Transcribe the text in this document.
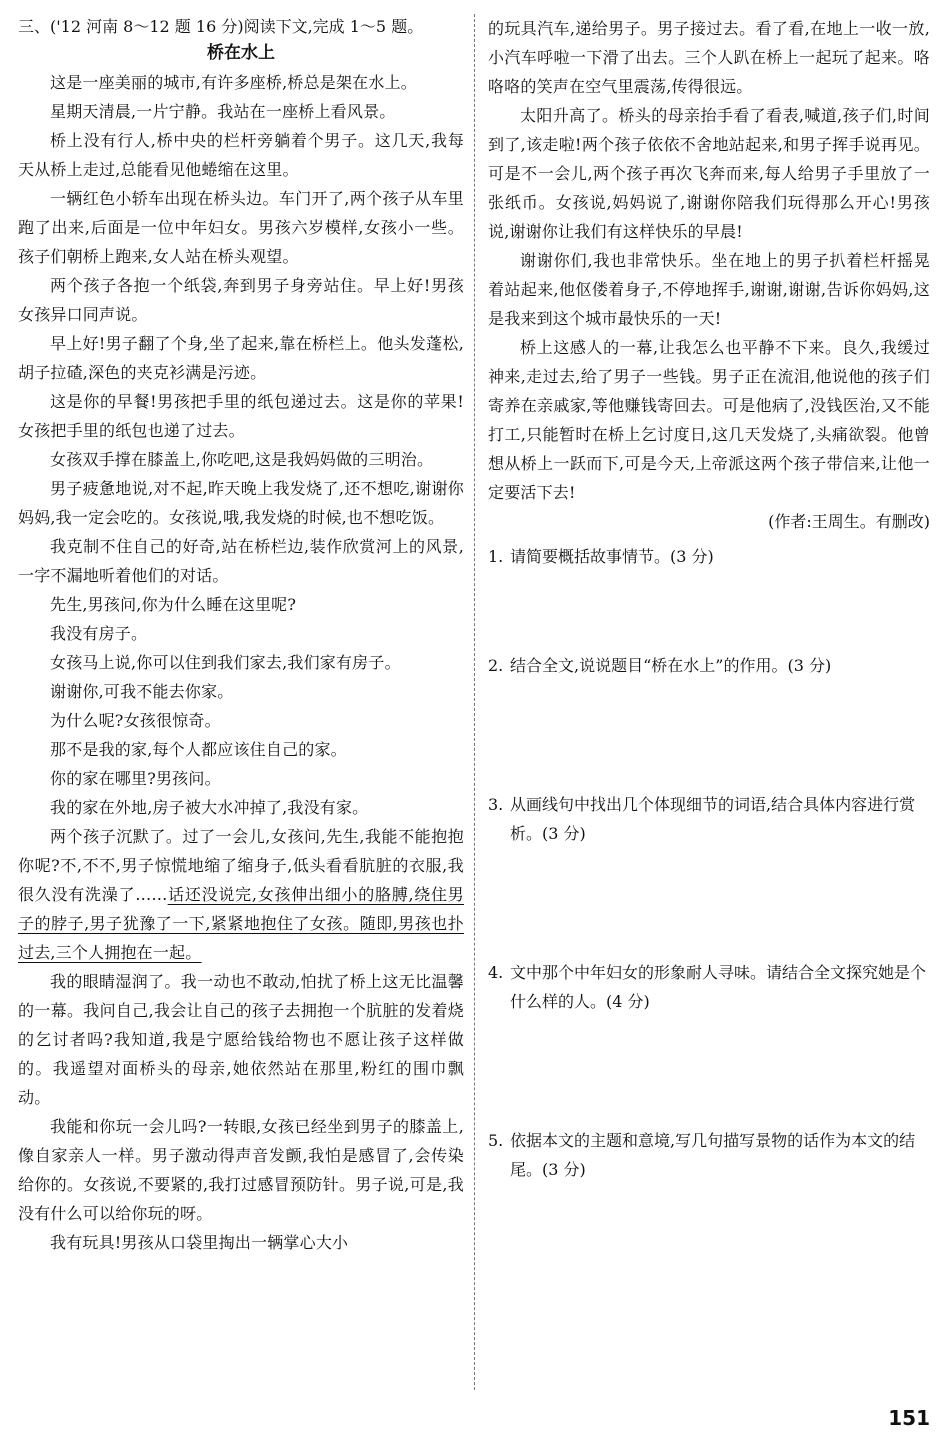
三、('12 河南 8～12 题 16 分)阅读下文,完成 1～5 题。
桥在水上

这是一座美丽的城市,有许多座桥,桥总是架在水上。

星期天清晨,一片宁静。我站在一座桥上看风景。

桥上没有行人,桥中央的栏杆旁躺着个男子。这几天,我每天从桥上走过,总能看见他蜷缩在这里。

一辆红色小轿车出现在桥头边。车门开了,两个孩子从车里跑了出来,后面是一位中年妇女。男孩六岁模样,女孩小一些。孩子们朝桥上跑来,女人站在桥头观望。

两个孩子各抱一个纸袋,奔到男子身旁站住。早上好!男孩女孩异口同声说。

早上好!男子翻了个身,坐了起来,靠在桥栏上。他头发蓬松,胡子拉碴,深色的夹克衫满是污迹。

这是你的早餐!男孩把手里的纸包递过去。这是你的苹果!女孩把手里的纸包也递了过去。

女孩双手撑在膝盖上,你吃吧,这是我妈妈做的三明治。

男子疲惫地说,对不起,昨天晚上我发烧了,还不想吃,谢谢你妈妈,我一定会吃的。女孩说,哦,我发烧的时候,也不想吃饭。

我克制不住自己的好奇,站在桥栏边,装作欣赏河上的风景,一字不漏地听着他们的对话。

先生,男孩问,你为什么睡在这里呢?

我没有房子。

女孩马上说,你可以住到我们家去,我们家有房子。

谢谢你,可我不能去你家。

为什么呢?女孩很惊奇。

那不是我的家,每个人都应该住自己的家。

你的家在哪里?男孩问。

我的家在外地,房子被大水冲掉了,我没有家。

两个孩子沉默了。过了一会儿,女孩问,先生,我能不能抱抱你呢?不,不不,男子惊慌地缩了缩身子,低头看看肮脏的衣服,我很久没有洗澡了……话还没说完,女孩伸出细小的胳膊,绕住男子的脖子,男子犹豫了一下,紧紧地抱住了女孩。随即,男孩也扑过去,三个人拥抱在一起。

我的眼睛湿润了。我一动也不敢动,怕扰了桥上这无比温馨的一幕。我问自己,我会让自己的孩子去拥抱一个肮脏的发着烧的乞讨者吗?我知道,我是宁愿给钱给物也不愿让孩子这样做的。我遥望对面桥头的母亲,她依然站在那里,粉红的围巾飘动。

我能和你玩一会儿吗?一转眼,女孩已经坐到男子的膝盖上,像自家亲人一样。男子激动得声音发颤,我怕是感冒了,会传染给你的。女孩说,不要紧的,我打过感冒预防针。男子说,可是,我没有什么可以给你玩的呀。

我有玩具!男孩从口袋里掏出一辆掌心大小

的玩具汽车,递给男子。男子接过去。看了看,在地上一收一放,小汽车呼啦一下滑了出去。三个人趴在桥上一起玩了起来。咯咯咯的笑声在空气里震荡,传得很远。

太阳升高了。桥头的母亲抬手看了看表,喊道,孩子们,时间到了,该走啦!两个孩子依依不舍地站起来,和男子挥手说再见。可是不一会儿,两个孩子再次飞奔而来,每人给男子手里放了一张纸币。女孩说,妈妈说了,谢谢你陪我们玩得那么开心!男孩说,谢谢你让我们有这样快乐的早晨!

谢谢你们,我也非常快乐。坐在地上的男子扒着栏杆摇晃着站起来,他伛偻着身子,不停地挥手,谢谢,谢谢,告诉你妈妈,这是我来到这个城市最快乐的一天!

桥上这感人的一幕,让我怎么也平静不下来。良久,我缓过神来,走过去,给了男子一些钱。男子正在流泪,他说他的孩子们寄养在亲戚家,等他赚钱寄回去。可是他病了,没钱医治,又不能打工,只能暂时在桥上乞讨度日,这几天发烧了,头痛欲裂。他曾想从桥上一跃而下,可是今天,上帝派这两个孩子带信来,让他一定要活下去!

(作者:王周生。有删改)

1. 请简要概括故事情节。(3 分)

2. 结合全文,说说题目“桥在水上”的作用。(3 分)

3. 从画线句中找出几个体现细节的词语,结合具体内容进行赏析。(3 分)

4. 文中那个中年妇女的形象耐人寻味。请结合全文探究她是个什么样的人。(4 分)

5. 依据本文的主题和意境,写几句描写景物的话作为本文的结尾。(3 分)

151
